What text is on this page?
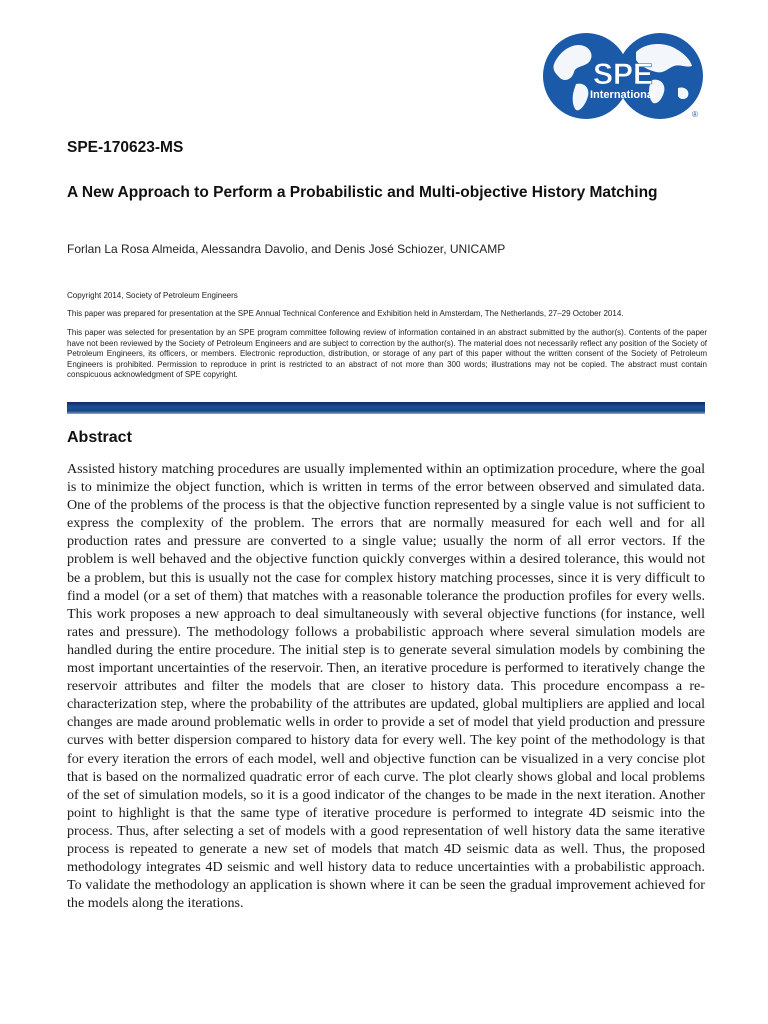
SPE
International
®
SPE-170623-MS
A New Approach to Perform a Probabilistic and Multi-objective History Matching
Forlan La Rosa Almeida, Alessandra Davolio, and Denis José Schiozer, UNICAMP
Copyright 2014, Society of Petroleum Engineers
This paper was prepared for presentation at the SPE Annual Technical Conference and Exhibition held in Amsterdam, The Netherlands, 27–29 October 2014.
This paper was selected for presentation by an SPE program committee following review of information contained in an abstract submitted by the author(s). Contents of the paper have not been reviewed by the Society of Petroleum Engineers and are subject to correction by the author(s). The material does not necessarily reflect any position of the Society of Petroleum Engineers, its officers, or members. Electronic reproduction, distribution, or storage of any part of this paper without the written consent of the Society of Petroleum Engineers is prohibited. Permission to reproduce in print is restricted to an abstract of not more than 300 words; illustrations may not be copied. The abstract must contain conspicuous acknowledgment of SPE copyright.
Abstract
Assisted history matching procedures are usually implemented within an optimization procedure, where the goal is to minimize the object function, which is written in terms of the error between observed and simulated data. One of the problems of the process is that the objective function represented by a single value is not sufficient to express the complexity of the problem. The errors that are normally measured for each well and for all production rates and pressure are converted to a single value; usually the norm of all error vectors. If the problem is well behaved and the objective function quickly converges within a desired tolerance, this would not be a problem, but this is usually not the case for complex history matching processes, since it is very difficult to find a model (or a set of them) that matches with a reasonable tolerance the production profiles for every wells. This work proposes a new approach to deal simultaneously with several objective functions (for instance, well rates and pressure). The methodology follows a probabilistic approach where several simulation models are handled during the entire procedure. The initial step is to generate several simulation models by combining the most important uncertainties of the reservoir. Then, an iterative procedure is performed to iteratively change the reservoir attributes and filter the models that are closer to history data. This procedure encompass a re-characterization step, where the probability of the attributes are updated, global multipliers are applied and local changes are made around problematic wells in order to provide a set of model that yield production and pressure curves with better dispersion compared to history data for every well. The key point of the methodology is that for every iteration the errors of each model, well and objective function can be visualized in a very concise plot that is based on the normalized quadratic error of each curve. The plot clearly shows global and local problems of the set of simulation models, so it is a good indicator of the changes to be made in the next iteration. Another point to highlight is that the same type of iterative procedure is performed to integrate 4D seismic into the process. Thus, after selecting a set of models with a good representation of well history data the same iterative process is repeated to generate a new set of models that match 4D seismic data as well. Thus, the proposed methodology integrates 4D seismic and well history data to reduce uncertainties with a probabilistic approach. To validate the methodology an application is shown where it can be seen the gradual improvement achieved for the models along the iterations.
